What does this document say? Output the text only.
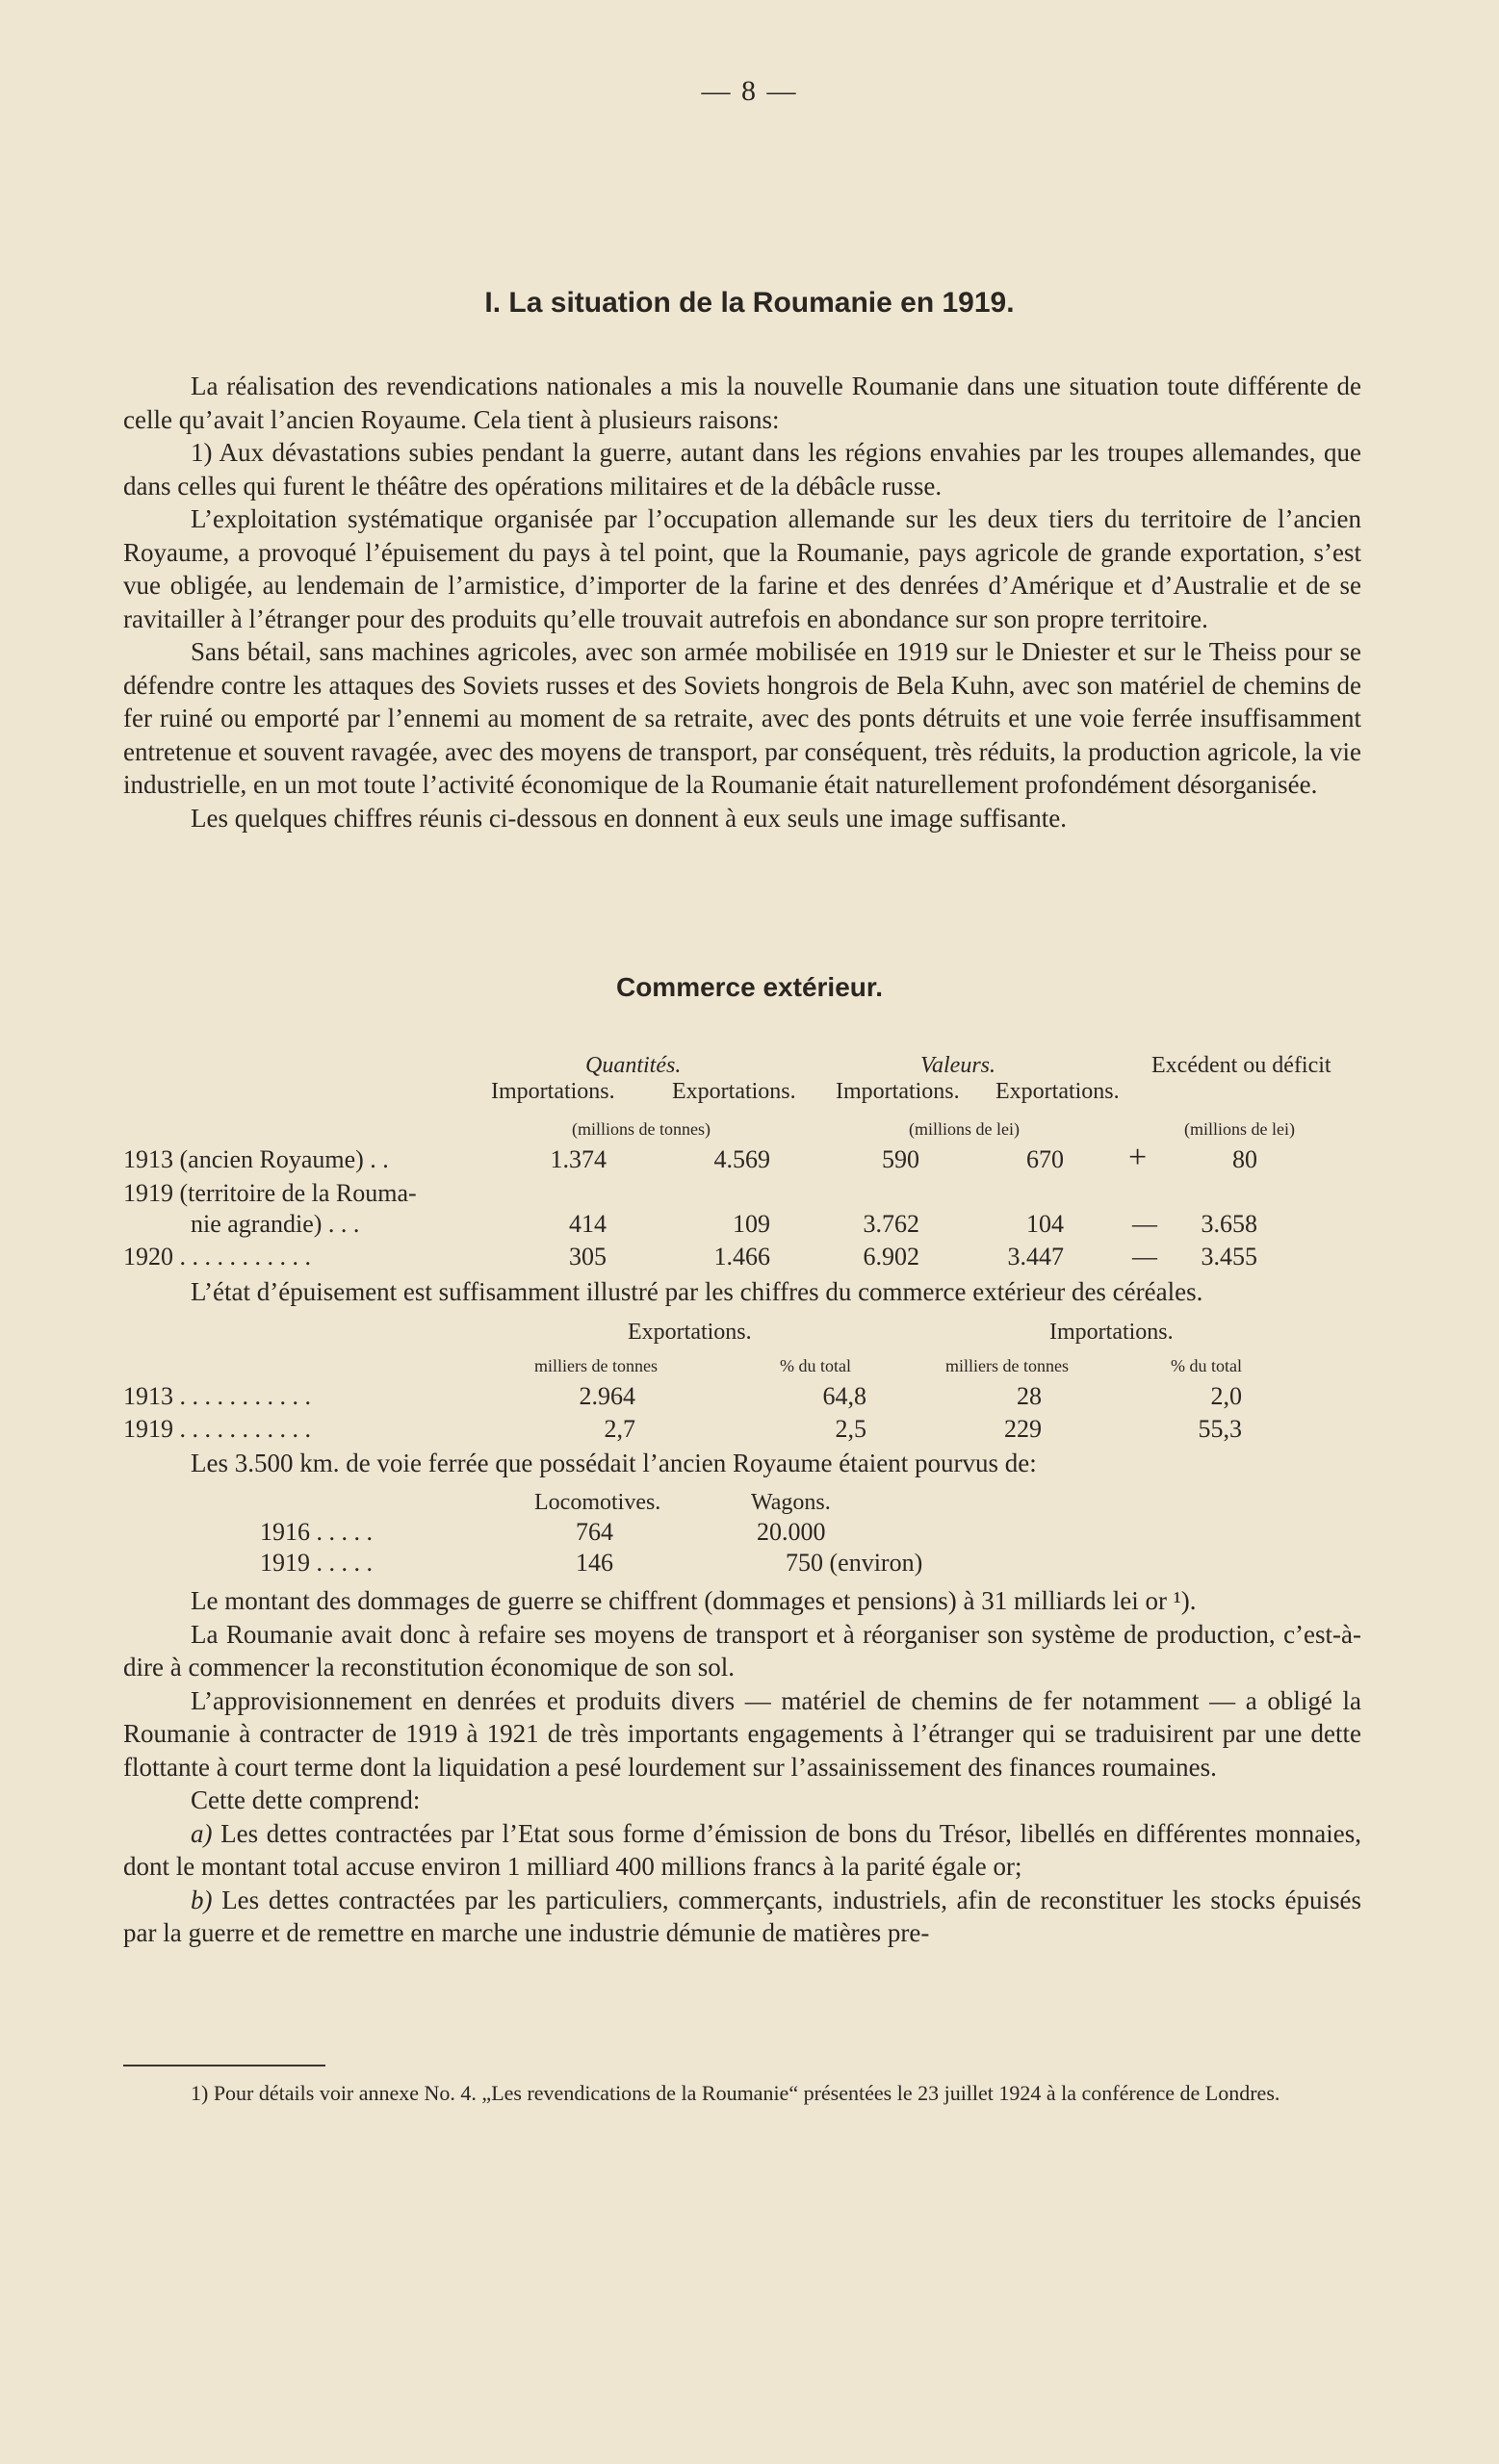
— 8 —
I. La situation de la Roumanie en 1919.

La réalisation des revendications nationales a mis la nouvelle Roumanie dans une situation toute différente de celle qu’avait l’ancien Royaume. Cela tient à plusieurs raisons:

1) Aux dévastations subies pendant la guerre, autant dans les régions envahies par les troupes allemandes, que dans celles qui furent le théâtre des opérations militaires et de la débâcle russe.

L’exploitation systématique organisée par l’occupation allemande sur les deux tiers du territoire de l’ancien Royaume, a provoqué l’épuisement du pays à tel point, que la Roumanie, pays agricole de grande exportation, s’est vue obligée, au lendemain de l’armistice, d’importer de la farine et des denrées d’Amérique et d’Australie et de se ravitailler à l’étranger pour des produits qu’elle trouvait autrefois en abondance sur son propre territoire.

Sans bétail, sans machines agricoles, avec son armée mobilisée en 1919 sur le Dniester et sur le Theiss pour se défendre contre les attaques des Soviets russes et des Soviets hongrois de Bela Kuhn, avec son matériel de chemins de fer ruiné ou emporté par l’ennemi au moment de sa retraite, avec des ponts détruits et une voie ferrée insuffisamment entretenue et souvent ravagée, avec des moyens de transport, par conséquent, très réduits, la production agricole, la vie industrielle, en un mot toute l’activité économique de la Roumanie était naturellement profondément désorganisée.

Les quelques chiffres réunis ci-dessous en donnent à eux seuls une image suffisante.

Commerce extérieur.
Quantités.	Valeurs.	Excédent ou déficit
Importations. Exportations. Importations. Exportations.
(millions de tonnes)	(millions de lei)	(millions de lei)
1913 (ancien Royaume) . .	1.374	4.569	590	670 +	80
1919 (territoire de la Rouma-
nie agrandie) . . .	414	109	3.762	104	—	3.658
1920 . . . . . . . . . . .	305	1.466	6.902	3.447	—	3.455

L’état d’épuisement est suffisamment illustré par les chiffres du commerce extérieur des céréales.

Exportations.	Importations.
milliers de tonnes	% du total	milliers de tonnes	% du total
1913 . . . . . . . . . . .	2.964	64,8	28	2,0
1919 . . . . . . . . . . .	2,7	2,5	229	55,3

Les 3.500 km. de voie ferrée que possédait l’ancien Royaume étaient pourvus de:

Locomotives.	Wagons.
1916 . . . . .	764	20.000
1919 . . . . .	146	750 (environ)

Le montant des dommages de guerre se chiffrent (dommages et pensions) à 31 milliards lei or ¹).

La Roumanie avait donc à refaire ses moyens de transport et à réorganiser son système de production, c’est-à-dire à commencer la reconstitution économique de son sol.

L’approvisionnement en denrées et produits divers — matériel de chemins de fer notamment — a obligé la Roumanie à contracter de 1919 à 1921 de très importants engagements à l’étranger qui se traduisirent par une dette flottante à court terme dont la liquidation a pesé lourdement sur l’assainissement des finances roumaines.

Cette dette comprend:

a) Les dettes contractées par l’Etat sous forme d’émission de bons du Trésor, libellés en différentes monnaies, dont le montant total accuse environ 1 milliard 400 millions francs à la parité égale or;

b) Les dettes contractées par les particuliers, commerçants, industriels, afin de reconstituer les stocks épuisés par la guerre et de remettre en marche une industrie démunie de matières pre-

1) Pour détails voir annexe No. 4. „Les revendications de la Roumanie“ présentées le 23 juillet 1924 à la conférence de Londres.
